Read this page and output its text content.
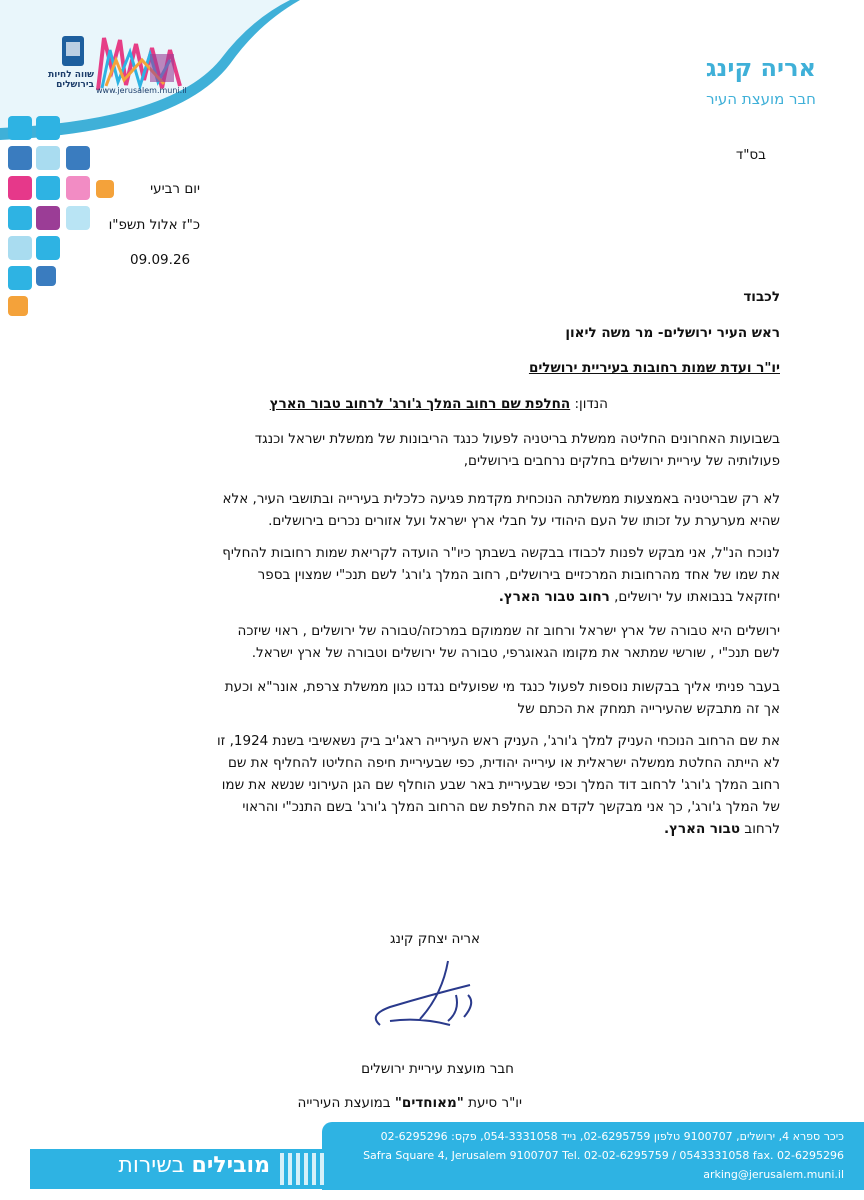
שווה לחיות בירושלים
www.jerusalem.muni.il
אריה קינג
חבר מועצת העיר
בס"ד
יום רביעי
כ"ז אלול תשפ"ו
09.09.26
לכבוד
ראש העיר ירושלים- מר משה ליאון
יו"ר ועדת שמות רחובות בעיריית ירושלים
הנדון: החלפת שם רחוב המלך ג'ורג' לרחוב טבור הארץ
בשבועות האחרונים החליטה ממשלת בריטניה לפעול כנגד הריבונות של ממשלת ישראל וכנגד
פעולותיה של עיריית ירושלים בחלקים נרחבים בירושלים,
לא רק שבריטניה באמצעות ממשלתה הנוכחית מקדמת פגיעה כלכלית בעירייה ובתושבי העיר, אלא
שהיא מערערת על זכותו של העם היהודי על חבלי ארץ ישראל ועל אזורים נכרים בירושלים.
לנוכח הנ"ל, אני מבקש לפנות לכבודו בבקשה בשבתך כיו"ר הועדה לקריאת שמות רחובות להחליף
את שמו של אחד מהרחובות המרכזיים בירושלים, רחוב המלך ג'ורג' לשם תנכ"י שמצוין בספר
יחזקאל בנבואתו על ירושלים, רחוב טבור הארץ.
ירושלים היא טבורה של ארץ ישראל ורחוב זה שממוקם במרכזה/טבורה של ירושלים , ראוי שיזכה
לשם תנכ"י , שורשי שמתאר את מקומו הגאוגרפי, טבורה של ירושלים וטבורה של ארץ ישראל.
בעבר פניתי אליך בבקשות נוספות לפעול כנגד מי שפועלים נגדנו כגון ממשלת צרפת, אונר"א וכעת
אך זה מתבקש שהעירייה תמחק את הכתם של
את שם הרחוב הנוכחי העניק למלך ג'ורג', העניק ראש העירייה ראג'יב ביק נשאשיבי בשנת 1924, זו
לא הייתה החלטת ממשלה ישראלית או עירייה יהודית, כפי שבעיריית חיפה החליטו להחליף את שם
רחוב המלך ג'ורג' לרחוב דוד המלך וכפי שבעיריית באר שבע הוחלף שם הגן העירוני שנשא את שמו
של המלך ג'ורג', כך אני מבקשך לקדם את החלפת שם הרחוב המלך ג'ורג' בשם התנכ"י והראוי
לרחוב טבור הארץ.
אריה יצחק קינג
חבר מועצת עיריית ירושלים
יו"ר סיעת "מאוחדים" במועצת העירייה
כיכר ספרא 4, ירושלים, 9100707 טלפון 02-6295759, נייד 054-3331058, פקס: 02-6295296
Safra Square 4, Jerusalem 9100707 Tel. 02-02-6295759 / 0543331058 fax. 02-6295296
arking@jerusalem.muni.il
מובילים בשירות
